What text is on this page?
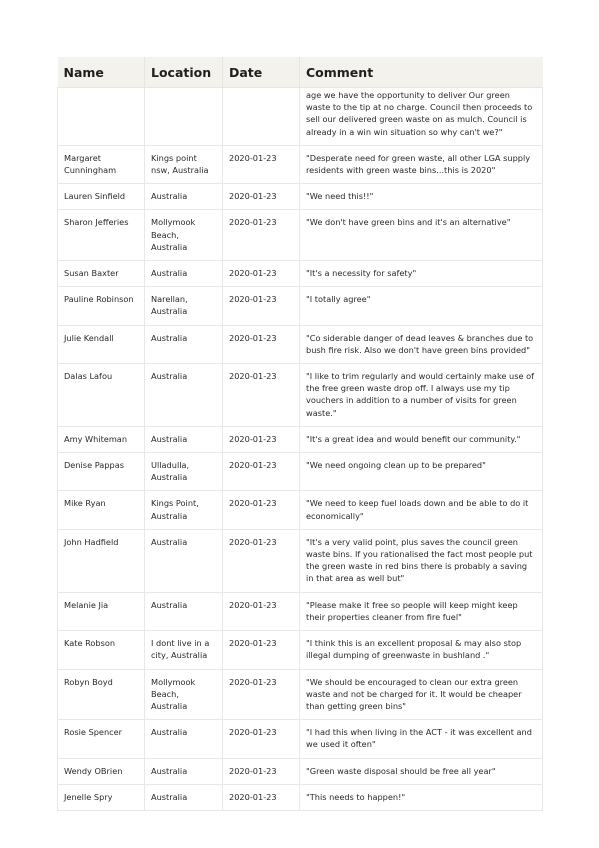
Name	Location	Date	Comment
			age we have the opportunity to deliver Our green waste to the tip at no charge. Council then proceeds to sell our delivered green waste on as mulch. Council is already in a win win situation so why can't we?"
Margaret Cunningham	Kings point nsw, Australia	2020-01-23	"Desperate need for green waste, all other LGA supply residents with green waste bins...this is 2020"
Lauren Sinfield	Australia	2020-01-23	"We need this!!"
Sharon Jefferies	Mollymook Beach, Australia	2020-01-23	"We don't have green bins and it's an alternative"
Susan Baxter	Australia	2020-01-23	"It's a necessity for safety"
Pauline Robinson	Narellan, Australia	2020-01-23	"I totally agree"
Julie Kendall	Australia	2020-01-23	"Co siderable danger of dead leaves & branches due to bush fire risk. Also we don't have green bins provided"
Dalas Lafou	Australia	2020-01-23	"I like to trim regularly and would certainly make use of the free green waste drop off. I always use my tip vouchers in addition to a number of visits for green waste."
Amy Whiteman	Australia	2020-01-23	"It's a great idea and would benefit our community."
Denise Pappas	Ulladulla, Australia	2020-01-23	"We need ongoing clean up to be prepared"
Mike Ryan	Kings Point, Australia	2020-01-23	"We need to keep fuel loads down and be able to do it economically"
John Hadfield	Australia	2020-01-23	"It's a very valid point, plus saves the council green waste bins. If you rationalised the fact most people put the green waste in red bins there is probably a saving in that area as well but"
Melanie Jia	Australia	2020-01-23	"Please make it free so people will keep might keep their properties cleaner from fire fuel"
Kate Robson	I dont live in a city, Australia	2020-01-23	"I think this is an excellent proposal & may also stop illegal dumping of greenwaste in bushland ."
Robyn Boyd	Mollymook Beach, Australia	2020-01-23	"We should be encouraged to clean our extra green waste and not be charged for it. It would be cheaper than getting green bins"
Rosie Spencer	Australia	2020-01-23	"I had this when living in the ACT - it was excellent and we used it often"
Wendy OBrien	Australia	2020-01-23	"Green waste disposal should be free all year"
Jenelle Spry	Australia	2020-01-23	"This needs to happen!"
